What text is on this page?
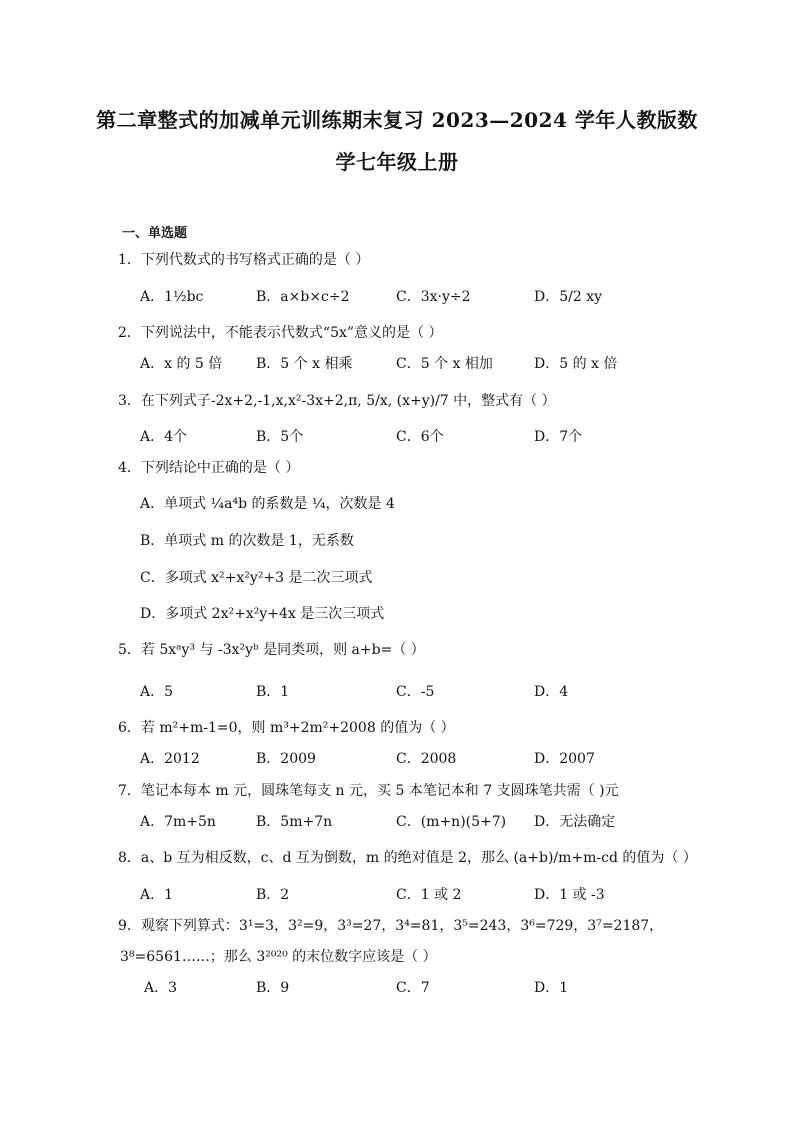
第二章整式的加减单元训练期末复习 2023—2024 学年人教版数
学七年级上册
一、单选题
1．下列代数式的书写格式正确的是（ ）
A．1½bc	B．a×b×c÷2	C．3x·y÷2	D．5/2 xy
2．下列说法中，不能表示代数式“5x”意义的是（ ）
A．x 的 5 倍 B．5 个 x 相乘	C．5 个 x 相加	D．5 的 x 倍
3．在下列式子-2x+2,-1,x,x²-3x+2,π, 5/x, (x+y)/7 中，整式有（ ）
A．4个	B．5个	C．6个	D．7个
4．下列结论中正确的是（ ）
A．单项式 ¼a⁴b 的系数是 ¼，次数是 4
B．单项式 m 的次数是 1，无系数
C．多项式 x²+x²y²+3 是二次三项式
D．多项式 2x²+x²y+4x 是三次三项式
5．若 5xᵃy³ 与 -3x²yᵇ 是同类项，则 a+b=（ ）
A．5	B．1	C．-5	D．4
6．若 m²+m-1=0，则 m³+2m²+2008 的值为（ ）
A．2012	B．2009	C．2008	D．2007
7．笔记本每本 m 元，圆珠笔每支 n 元，买 5 本笔记本和 7 支圆珠笔共需（ )元
A．7m+5n	B．5m+7n	C．(m+n)(5+7) D．无法确定
8．a、b 互为相反数，c、d 互为倒数，m 的绝对值是 2，那么 (a+b)/m+m-cd 的值为（ ）
A．1	B．2	C．1 或 2	D．1 或 -3
9．观察下列算式：3¹=3，3²=9，3³=27，3⁴=81，3⁵=243，3⁶=729，3⁷=2187，
3⁸=6561……；那么 3²⁰²⁰ 的末位数字应该是（ ）
A．3	B．9	C．7	D．1
